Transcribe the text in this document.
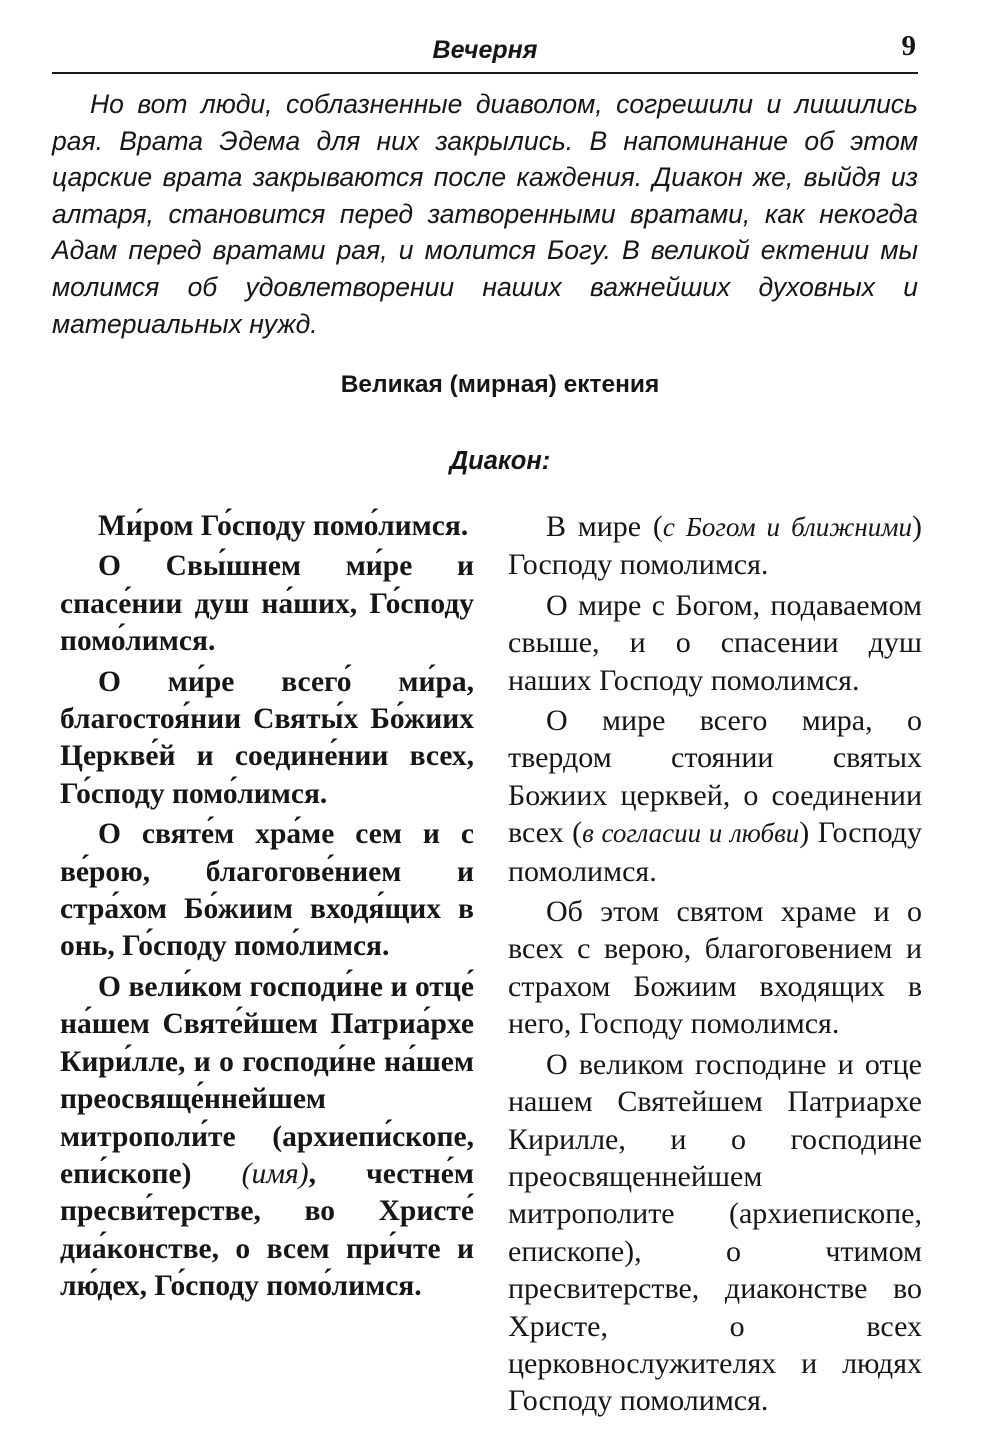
Вечерня	9

Но вот люди, соблазненные диаволом, согрешили и лишились рая. Врата Эдема для них закрылись. В напоминание об этом царские врата закрываются после каждения. Диакон же, выйдя из алтаря, становится перед затворенными вратами, как некогда Адам перед вратами рая, и молится Богу. В великой ектении мы молимся об удовлетворении наших важнейших духовных и материальных нужд.

Великая (мирная) ектения
Диакон:

Ми́ром Го́споду помо́лимся.

О Свы́шнем ми́ре и спасе́нии душ на́ших, Го́споду помо́лимся.

О ми́ре всего́ ми́ра, благостоя́нии Святы́х Бо́жиих Церкве́й и соедине́нии всех, Го́споду помо́лимся.

О святе́м хра́ме сем и с ве́рою, благогове́нием и стра́хом Бо́жиим входя́щих в онь, Го́споду помо́лимся.

О вели́ком господи́не и отце́ на́шем Святе́йшем Патриа́рхе Кири́лле, и о господи́не на́шем преосвяще́ннейшем митрополи́те (архиепи́скопе, епи́скопе) (имя), честне́м пресви́терстве, во Христе́ диа́констве, о всем при́чте и лю́дех, Го́споду помо́лимся.

В мире (с Богом и ближними) Господу помолимся.

О мире с Богом, подаваемом свыше, и о спасении душ наших Господу помолимся.

О мире всего мира, о твердом стоянии святых Божиих церквей, о соединении всех (в согласии и любви) Господу помолимся.

Об этом святом храме и о всех с верою, благоговением и страхом Божиим входящих в него, Господу помолимся.

О великом господине и отце нашем Святейшем Патриархе Кирилле, и о господине преосвященнейшем митрополите (архиепископе, епископе), о чтимом пресвитерстве, диаконстве во Христе, о всех церковнослужителях и людях Господу помолимся.
